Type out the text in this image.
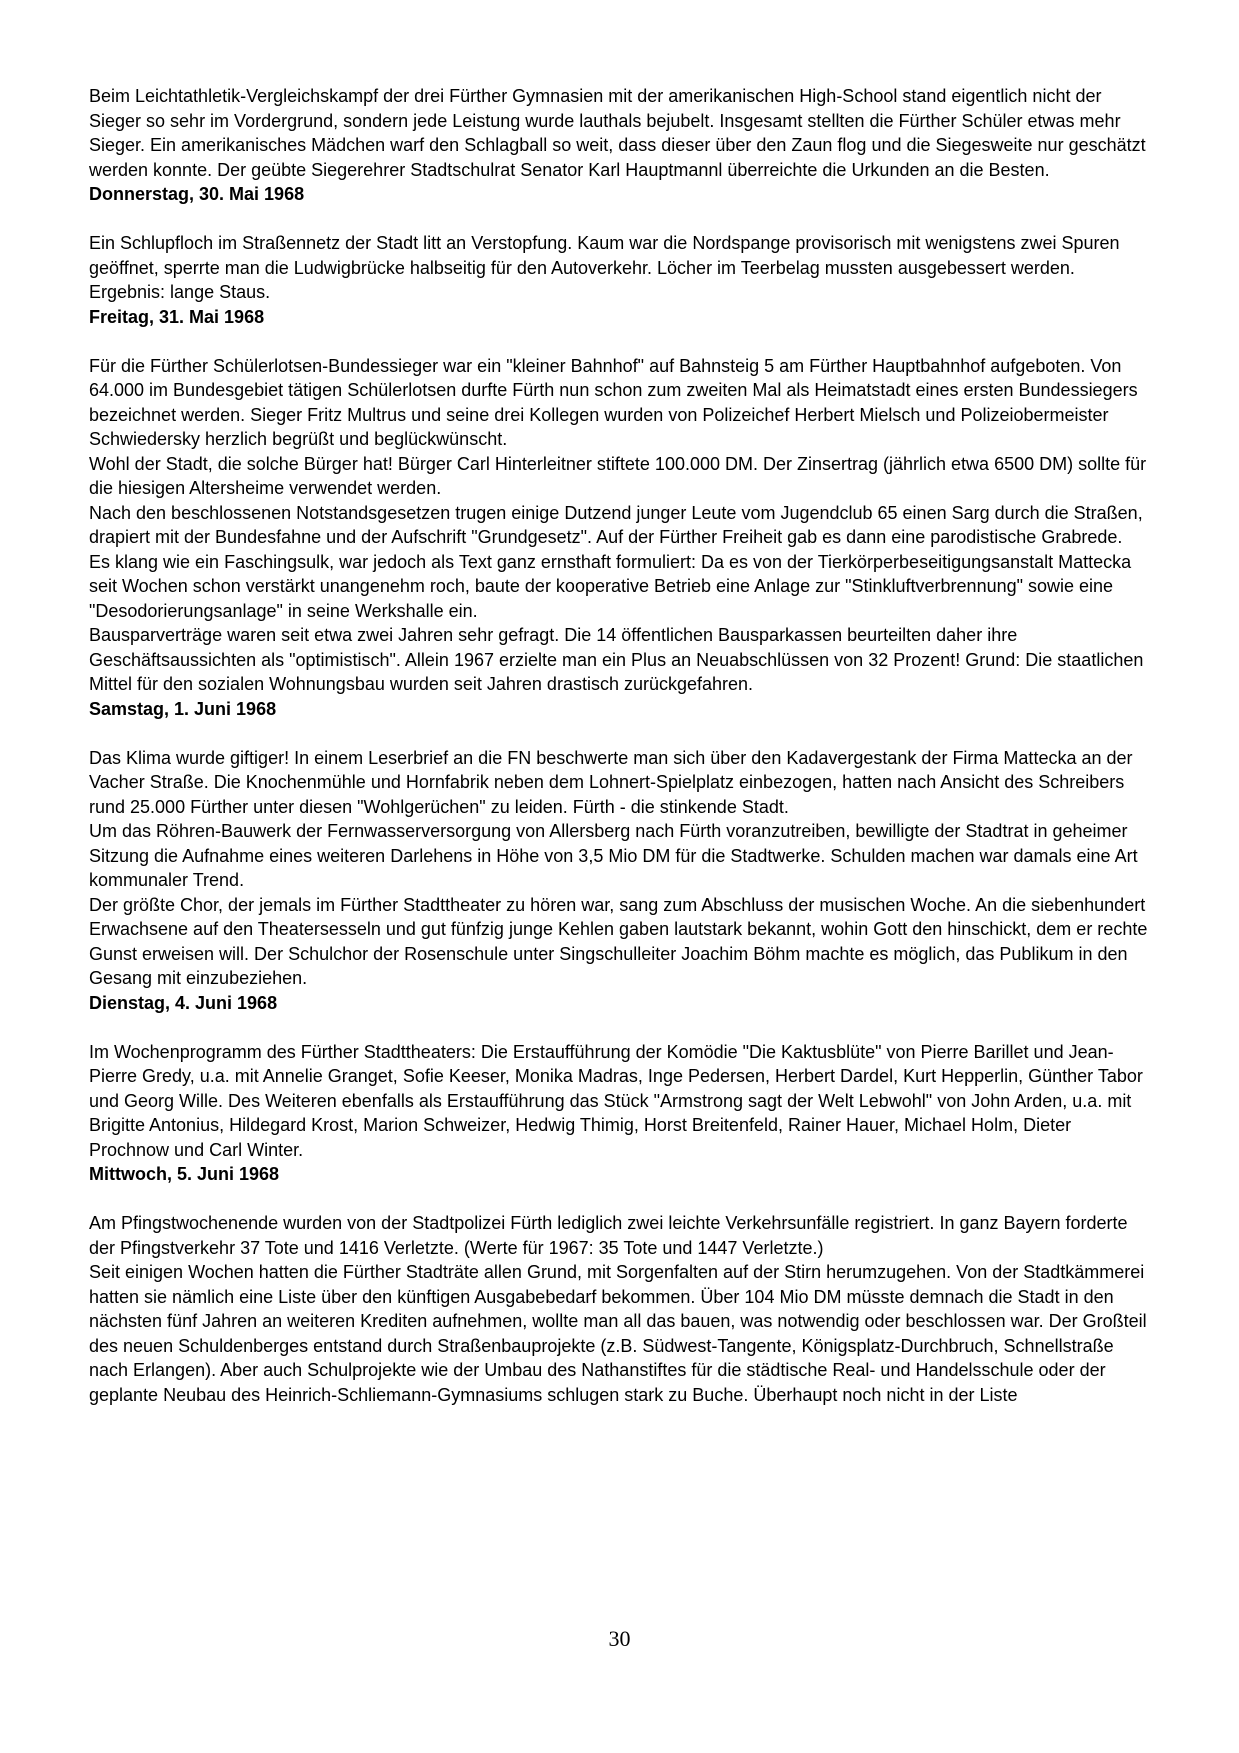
Beim Leichtathletik-Vergleichskampf der drei Fürther Gymnasien mit der amerikanischen High-School stand eigentlich nicht der Sieger so sehr im Vordergrund, sondern jede Leistung wurde lauthals bejubelt. Insgesamt stellten die Fürther Schüler etwas mehr Sieger. Ein amerikanisches Mädchen warf den Schlagball so weit, dass dieser über den Zaun flog und die Siegesweite nur geschätzt werden konnte. Der geübte Siegerehrer Stadtschulrat Senator Karl Hauptmannl überreichte die Urkunden an die Besten.

Donnerstag, 30. Mai 1968

Ein Schlupfloch im Straßennetz der Stadt litt an Verstopfung. Kaum war die Nordspange provisorisch mit wenigstens zwei Spuren geöffnet, sperrte man die Ludwigbrücke halbseitig für den Autoverkehr. Löcher im Teerbelag mussten ausgebessert werden. Ergebnis: lange Staus.

Freitag, 31. Mai 1968

Für die Fürther Schülerlotsen-Bundessieger war ein "kleiner Bahnhof" auf Bahnsteig 5 am Fürther Hauptbahnhof aufgeboten. Von 64.000 im Bundesgebiet tätigen Schülerlotsen durfte Fürth nun schon zum zweiten Mal als Heimatstadt eines ersten Bundessiegers bezeichnet werden. Sieger Fritz Multrus und seine drei Kollegen wurden von Polizeichef Herbert Mielsch und Polizeiobermeister Schwiedersky herzlich begrüßt und beglückwünscht.

Wohl der Stadt, die solche Bürger hat! Bürger Carl Hinterleitner stiftete 100.000 DM. Der Zinsertrag (jährlich etwa 6500 DM) sollte für die hiesigen Altersheime verwendet werden.

Nach den beschlossenen Notstandsgesetzen trugen einige Dutzend junger Leute vom Jugendclub 65 einen Sarg durch die Straßen, drapiert mit der Bundesfahne und der Aufschrift "Grundgesetz". Auf der Fürther Freiheit gab es dann eine parodistische Grabrede.

Es klang wie ein Faschingsulk, war jedoch als Text ganz ernsthaft formuliert: Da es von der Tierkörperbeseitigungsanstalt Mattecka seit Wochen schon verstärkt unangenehm roch, baute der kooperative Betrieb eine Anlage zur "Stinkluftverbrennung" sowie eine "Desodorierungsanlage" in seine Werkshalle ein.

Bausparverträge waren seit etwa zwei Jahren sehr gefragt. Die 14 öffentlichen Bausparkassen beurteilten daher ihre Geschäftsaussichten als "optimistisch". Allein 1967 erzielte man ein Plus an Neuabschlüssen von 32 Prozent! Grund: Die staatlichen Mittel für den sozialen Wohnungsbau wurden seit Jahren drastisch zurückgefahren.

Samstag, 1. Juni 1968

Das Klima wurde giftiger! In einem Leserbrief an die FN beschwerte man sich über den Kadavergestank der Firma Mattecka an der Vacher Straße. Die Knochenmühle und Hornfabrik neben dem Lohnert-Spielplatz einbezogen, hatten nach Ansicht des Schreibers rund 25.000 Fürther unter diesen "Wohlgerüchen" zu leiden. Fürth - die stinkende Stadt.

Um das Röhren-Bauwerk der Fernwasserversorgung von Allersberg nach Fürth voranzutreiben, bewilligte der Stadtrat in geheimer Sitzung die Aufnahme eines weiteren Darlehens in Höhe von 3,5 Mio DM für die Stadtwerke. Schulden machen war damals eine Art kommunaler Trend.

Der größte Chor, der jemals im Fürther Stadttheater zu hören war, sang zum Abschluss der musischen Woche. An die siebenhundert Erwachsene auf den Theatersesseln und gut fünfzig junge Kehlen gaben lautstark bekannt, wohin Gott den hinschickt, dem er rechte Gunst erweisen will. Der Schulchor der Rosenschule unter Singschulleiter Joachim Böhm machte es möglich, das Publikum in den Gesang mit einzubeziehen.

Dienstag, 4. Juni 1968

Im Wochenprogramm des Fürther Stadttheaters: Die Erstaufführung der Komödie "Die Kaktusblüte" von Pierre Barillet und Jean-Pierre Gredy, u.a. mit Annelie Granget, Sofie Keeser, Monika Madras, Inge Pedersen, Herbert Dardel, Kurt Hepperlin, Günther Tabor und Georg Wille. Des Weiteren ebenfalls als Erstaufführung das Stück "Armstrong sagt der Welt Lebwohl" von John Arden, u.a. mit Brigitte Antonius, Hildegard Krost, Marion Schweizer, Hedwig Thimig, Horst Breitenfeld, Rainer Hauer, Michael Holm, Dieter Prochnow und Carl Winter.

Mittwoch, 5. Juni 1968

Am Pfingstwochenende wurden von der Stadtpolizei Fürth lediglich zwei leichte Verkehrsunfälle registriert. In ganz Bayern forderte der Pfingstverkehr 37 Tote und 1416 Verletzte. (Werte für 1967: 35 Tote und 1447 Verletzte.)

Seit einigen Wochen hatten die Fürther Stadträte allen Grund, mit Sorgenfalten auf der Stirn herumzugehen. Von der Stadtkämmerei hatten sie nämlich eine Liste über den künftigen Ausgabebedarf bekommen. Über 104 Mio DM müsste demnach die Stadt in den nächsten fünf Jahren an weiteren Krediten aufnehmen, wollte man all das bauen, was notwendig oder beschlossen war. Der Großteil des neuen Schuldenberges entstand durch Straßenbauprojekte (z.B. Südwest-Tangente, Königsplatz-Durchbruch, Schnellstraße nach Erlangen). Aber auch Schulprojekte wie der Umbau des Nathanstiftes für die städtische Real- und Handelsschule oder der geplante Neubau des Heinrich-Schliemann-Gymnasiums schlugen stark zu Buche. Überhaupt noch nicht in der Liste

30
